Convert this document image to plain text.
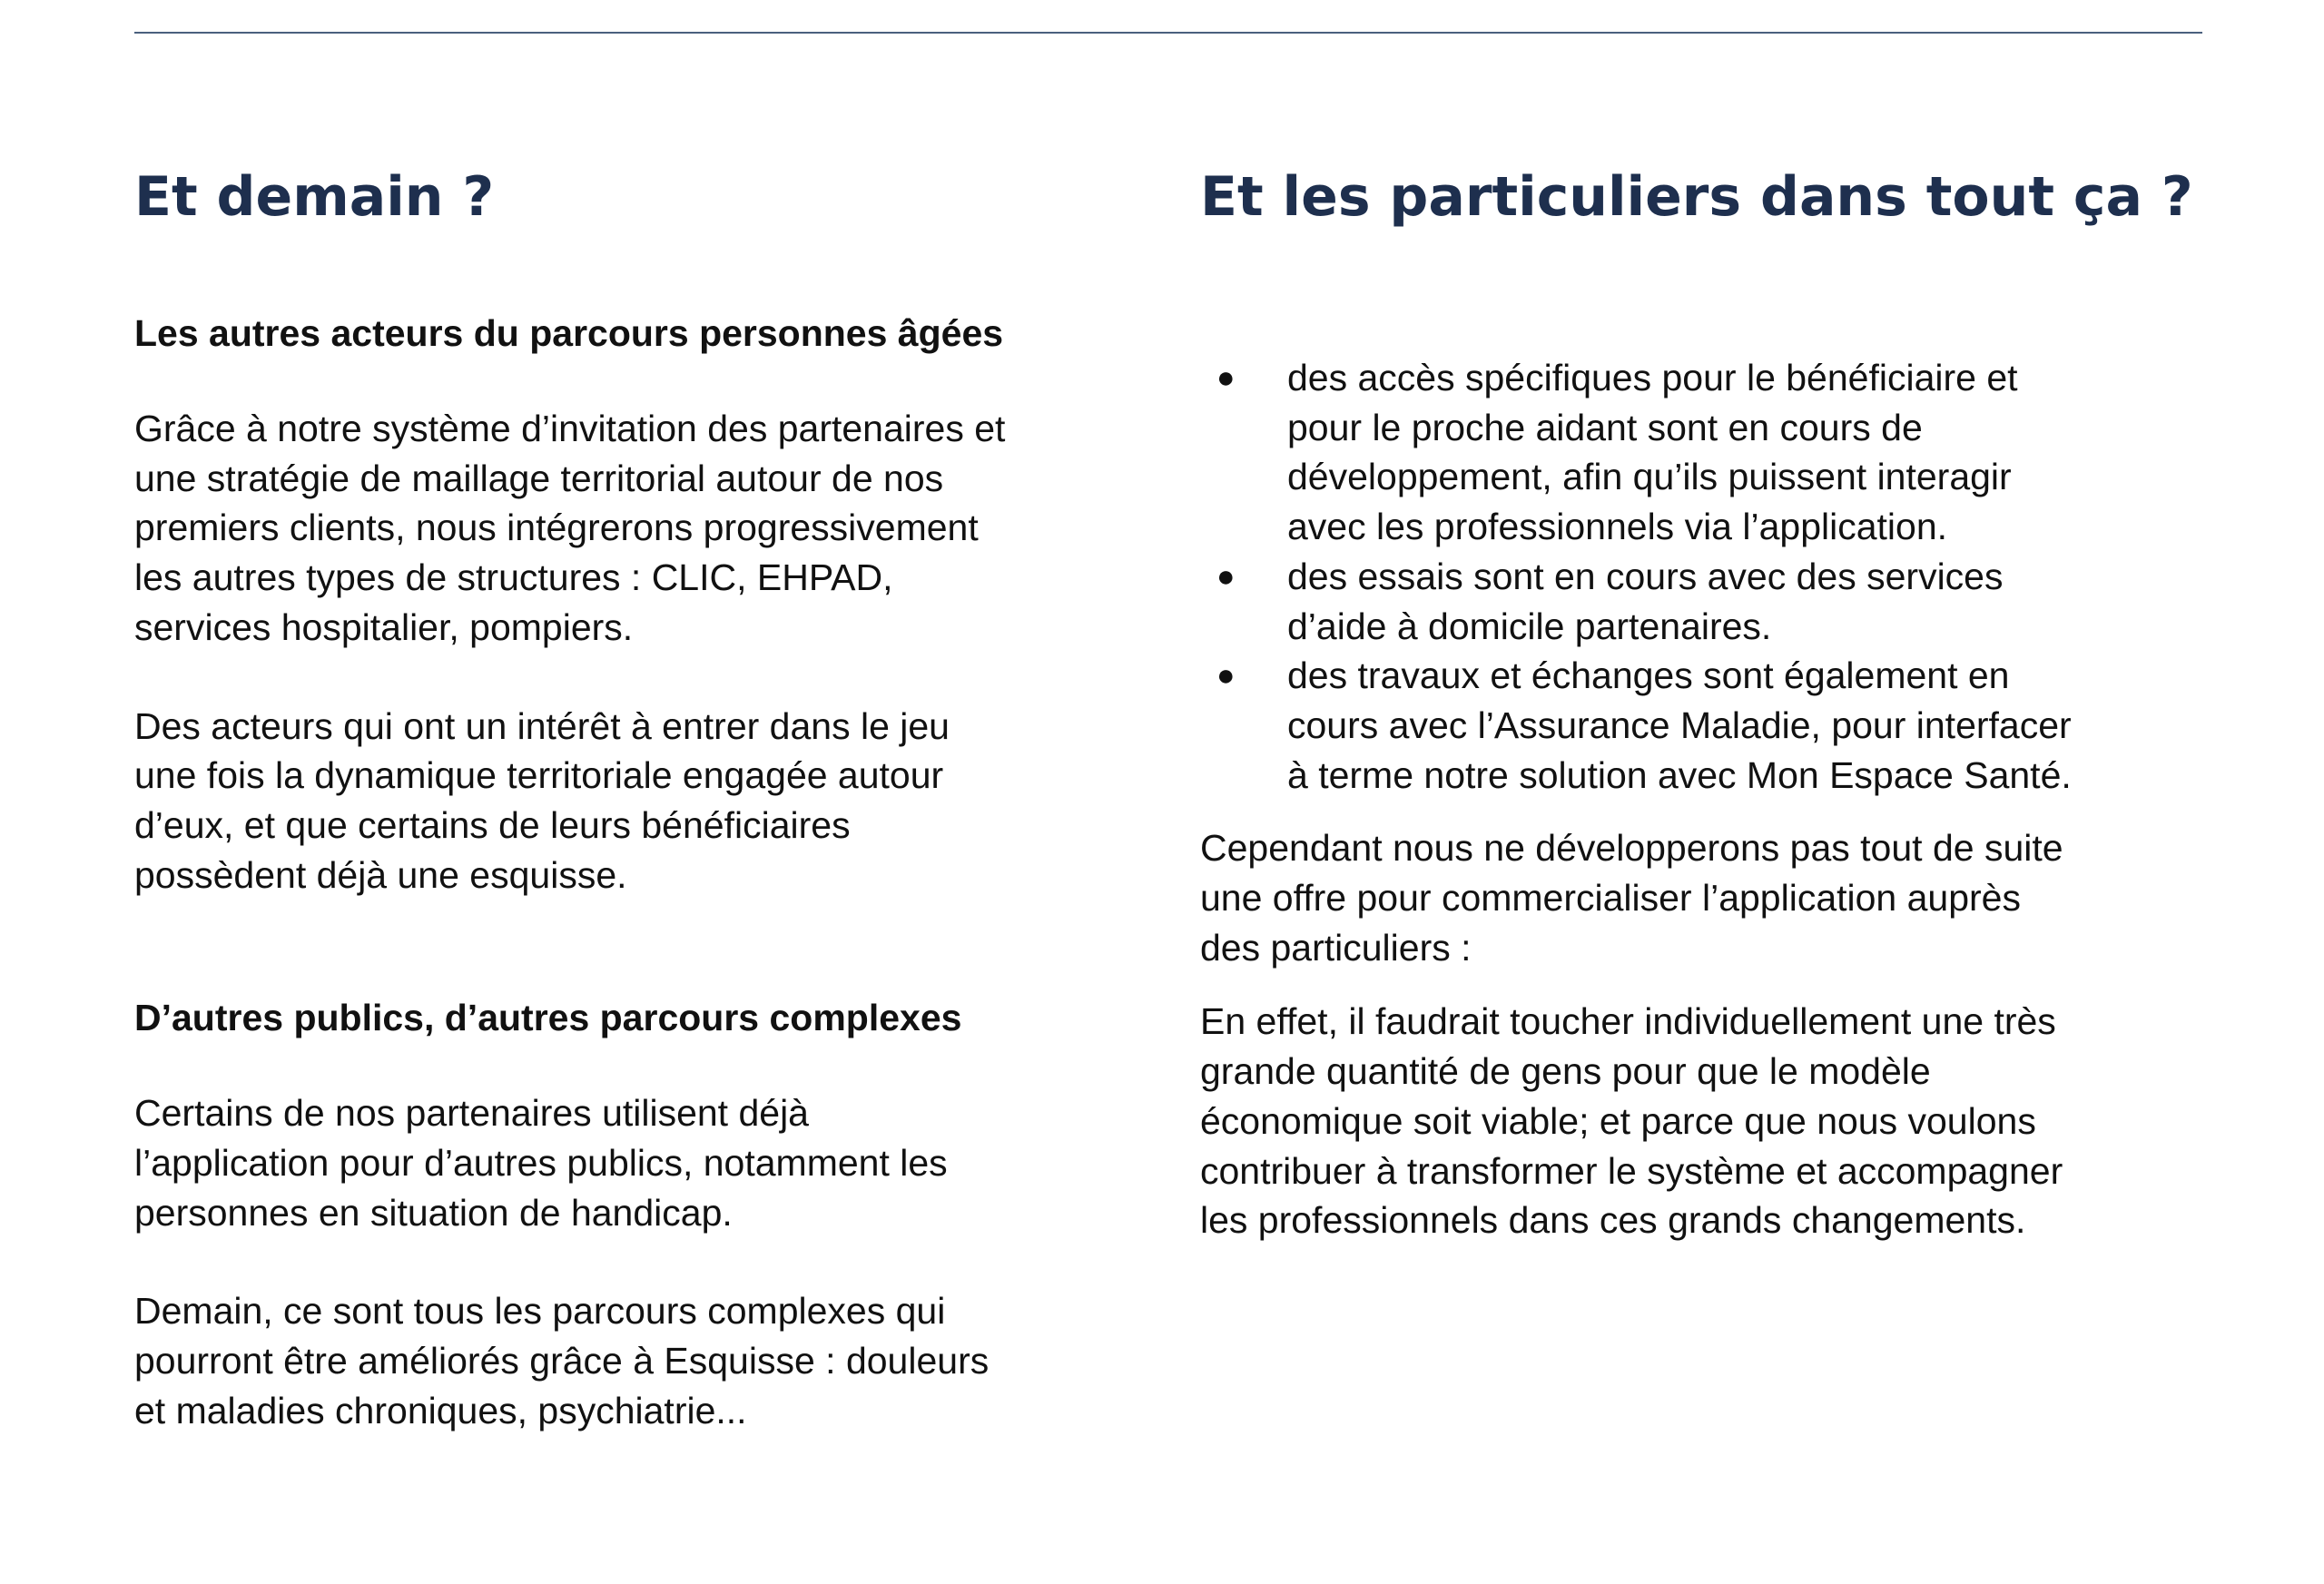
Et demain ?
Les autres acteurs du parcours personnes âgées

Grâce à notre système d’invitation des partenaires et
une stratégie de maillage territorial autour de nos
premiers clients, nous intégrerons progressivement
les autres types de structures : CLIC, EHPAD,
services hospitalier, pompiers.

Des acteurs qui ont un intérêt à entrer dans le jeu
une fois la dynamique territoriale engagée autour
d’eux, et que certains de leurs bénéficiaires
possèdent déjà une esquisse.

D’autres publics, d’autres parcours complexes

Certains de nos partenaires utilisent déjà
l’application pour d’autres publics, notamment les
personnes en situation de handicap.

Demain, ce sont tous les parcours complexes qui
pourront être améliorés grâce à Esquisse : douleurs
et maladies chroniques, psychiatrie...

Et les particuliers dans tout ça ?
● des accès spécifiques pour le bénéficiaire et
pour le proche aidant sont en cours de
développement, afin qu’ils puissent interagir
avec les professionnels via l’application.
● des essais sont en cours avec des services
d’aide à domicile partenaires.
● des travaux et échanges sont également en
cours avec l’Assurance Maladie, pour interfacer
à terme notre solution avec Mon Espace Santé.

Cependant nous ne développerons pas tout de suite
une offre pour commercialiser l’application auprès
des particuliers :

En effet, il faudrait toucher individuellement une très
grande quantité de gens pour que le modèle
économique soit viable; et parce que nous voulons
contribuer à transformer le système et accompagner
les professionnels dans ces grands changements.
